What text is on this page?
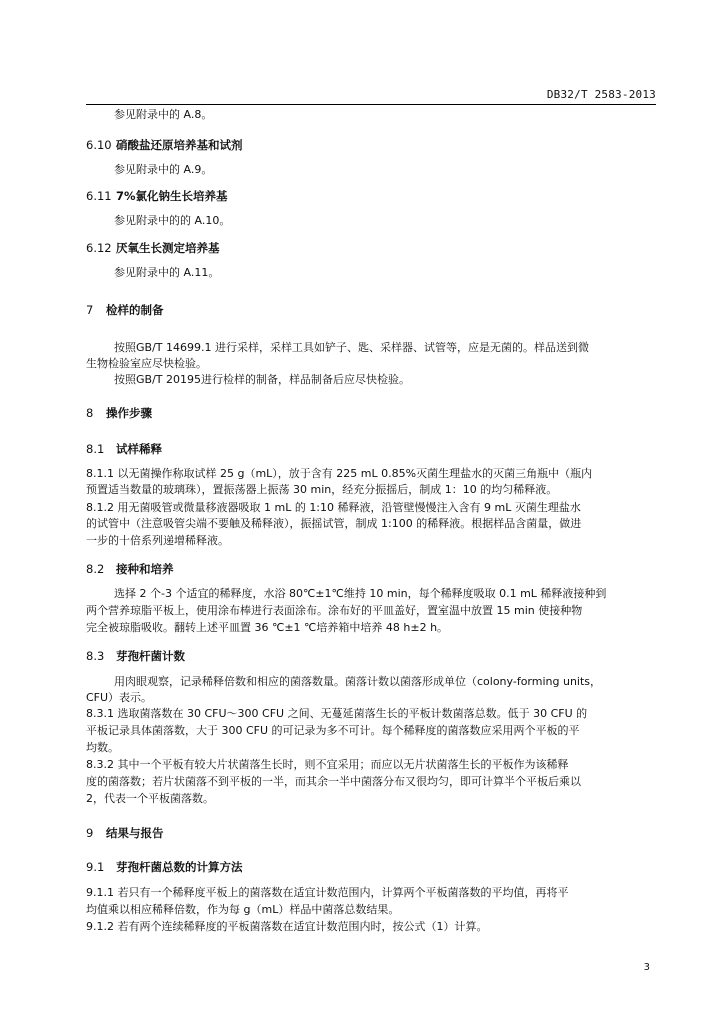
DB32/T 2583-2013
参见附录中的 A.8。
6.10 硝酸盐还原培养基和试剂
参见附录中的 A.9。
6.11 7%氯化钠生长培养基
参见附录中的的 A.10。
6.12 厌氧生长测定培养基
参见附录中的 A.11。
7 检样的制备
按照GB/T 14699.1 进行采样，采样工具如铲子、匙、采样器、试管等，应是无菌的。样品送到微
生物检验室应尽快检验。
按照GB/T 20195进行检样的制备，样品制备后应尽快检验。
8 操作步骤
8.1 试样稀释
8.1.1 以无菌操作称取试样 25 g（mL），放于含有 225 mL 0.85%灭菌生理盐水的灭菌三角瓶中（瓶内
预置适当数量的玻璃珠），置振荡器上振荡 30 min，经充分振摇后，制成 1：10 的均匀稀释液。
8.1.2 用无菌吸管或微量移液器吸取 1 mL 的 1:10 稀释液，沿管壁慢慢注入含有 9 mL 灭菌生理盐水
的试管中（注意吸管尖端不要触及稀释液），振摇试管，制成 1:100 的稀释液。根据样品含菌量，做进
一步的十倍系列递增稀释液。
8.2 接种和培养
选择 2 个-3 个适宜的稀释度，水浴 80℃±1℃维持 10 min，每个稀释度吸取 0.1 mL 稀释液接种到
两个营养琼脂平板上，使用涂布棒进行表面涂布。涂布好的平皿盖好，置室温中放置 15 min 使接种物
完全被琼脂吸收。翻转上述平皿置 36 ℃±1 ℃培养箱中培养 48 h±2 h。
8.3 芽孢杆菌计数
用肉眼观察，记录稀释倍数和相应的菌落数量。菌落计数以菌落形成单位（colony-forming units，
CFU）表示。
8.3.1 选取菌落数在 30 CFU～300 CFU 之间、无蔓延菌落生长的平板计数菌落总数。低于 30 CFU 的
平板记录具体菌落数，大于 300 CFU 的可记录为多不可计。每个稀释度的菌落数应采用两个平板的平
均数。
8.3.2 其中一个平板有较大片状菌落生长时，则不宜采用；而应以无片状菌落生长的平板作为该稀释
度的菌落数；若片状菌落不到平板的一半，而其余一半中菌落分布又很均匀，即可计算半个平板后乘以
2，代表一个平板菌落数。
9 结果与报告
9.1 芽孢杆菌总数的计算方法
9.1.1 若只有一个稀释度平板上的菌落数在适宜计数范围内，计算两个平板菌落数的平均值，再将平
均值乘以相应稀释倍数，作为每 g（mL）样品中菌落总数结果。
9.1.2 若有两个连续稀释度的平板菌落数在适宜计数范围内时，按公式（1）计算。
3
